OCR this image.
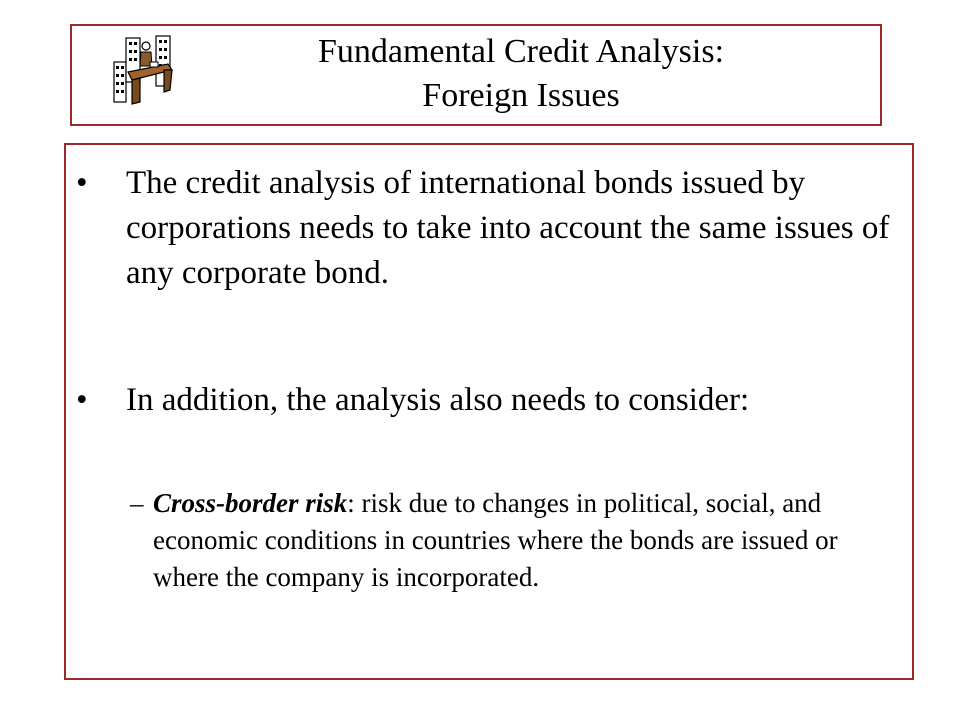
Fundamental Credit Analysis:
Foreign Issues
•	The credit analysis of international bonds issued by corporations needs to take into account the same issues of any corporate bond.
•	In addition, the analysis also needs to consider:
– Cross-border risk: risk due to changes in political, social, and economic conditions in countries where the bonds are issued or where the company is incorporated.
